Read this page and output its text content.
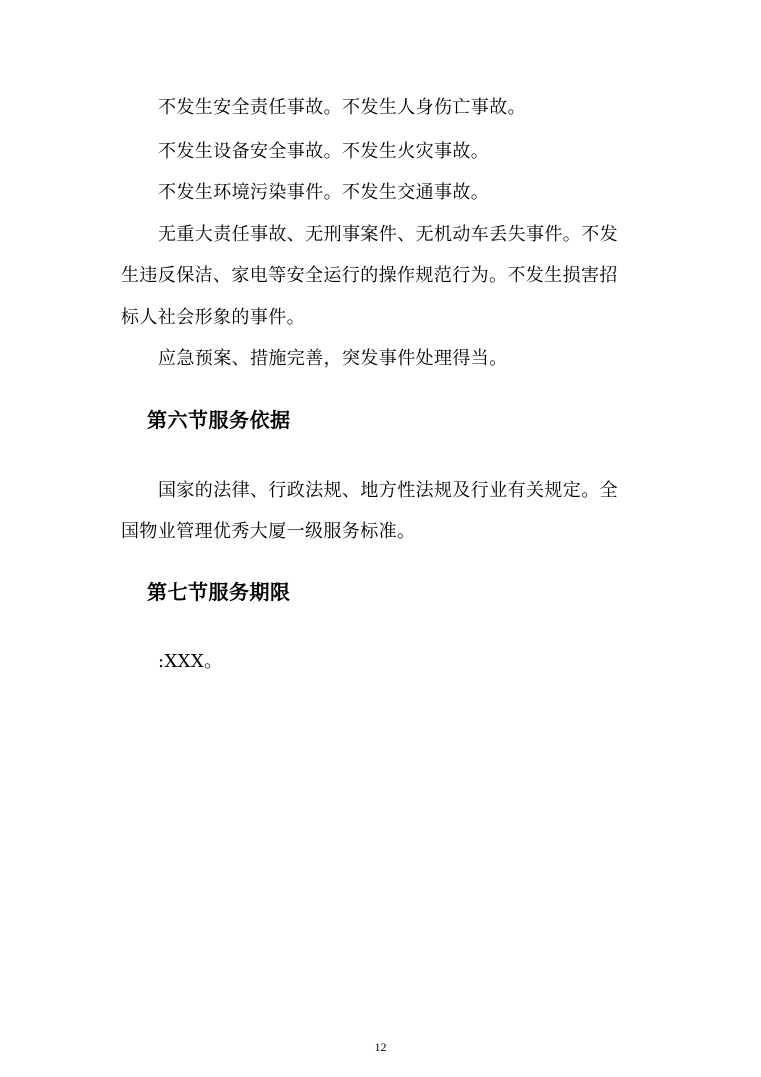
不发生安全责任事故。不发生人身伤亡事故。
不发生设备安全事故。不发生火灾事故。
不发生环境污染事件。不发生交通事故。
无重大责任事故、无刑事案件、无机动车丢失事件。不发
生违反保洁、家电等安全运行的操作规范行为。不发生损害招
标人社会形象的事件。
应急预案、措施完善，突发事件处理得当。
第六节服务依据
国家的法律、行政法规、地方性法规及行业有关规定。全
国物业管理优秀大厦一级服务标准。
第七节服务期限
:XXX。
12
